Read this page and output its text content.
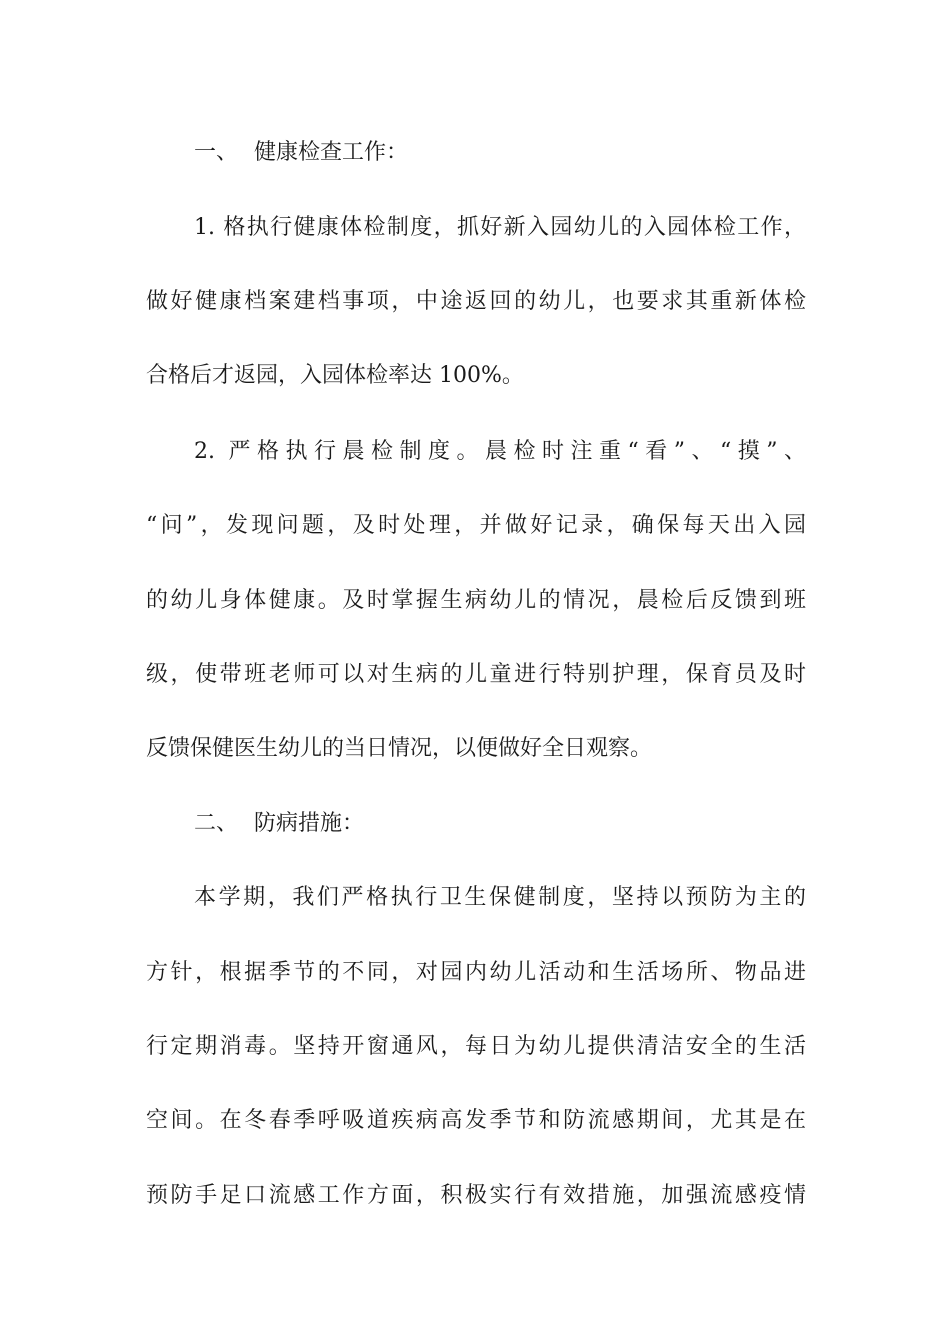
一、 健康检查工作：
1. 格执行健康体检制度，抓好新入园幼儿的入园体检工作，
做好健康档案建档事项，中途返回的幼儿，也要求其重新体检
合格后才返园，入园体检率达 100%。
2. 严格执行晨检制度。晨检时注重“看”、“摸”、
“问”，发现问题，及时处理，并做好记录，确保每天出入园
的幼儿身体健康。及时掌握生病幼儿的情况，晨检后反馈到班
级，使带班老师可以对生病的儿童进行特别护理，保育员及时
反馈保健医生幼儿的当日情况，以便做好全日观察。
二、 防病措施：
本学期，我们严格执行卫生保健制度，坚持以预防为主的
方针，根据季节的不同，对园内幼儿活动和生活场所、物品进
行定期消毒。坚持开窗通风，每日为幼儿提供清洁安全的生活
空间。在冬春季呼吸道疾病高发季节和防流感期间，尤其是在
预防手足口流感工作方面，积极实行有效措施，加强流感疫情
